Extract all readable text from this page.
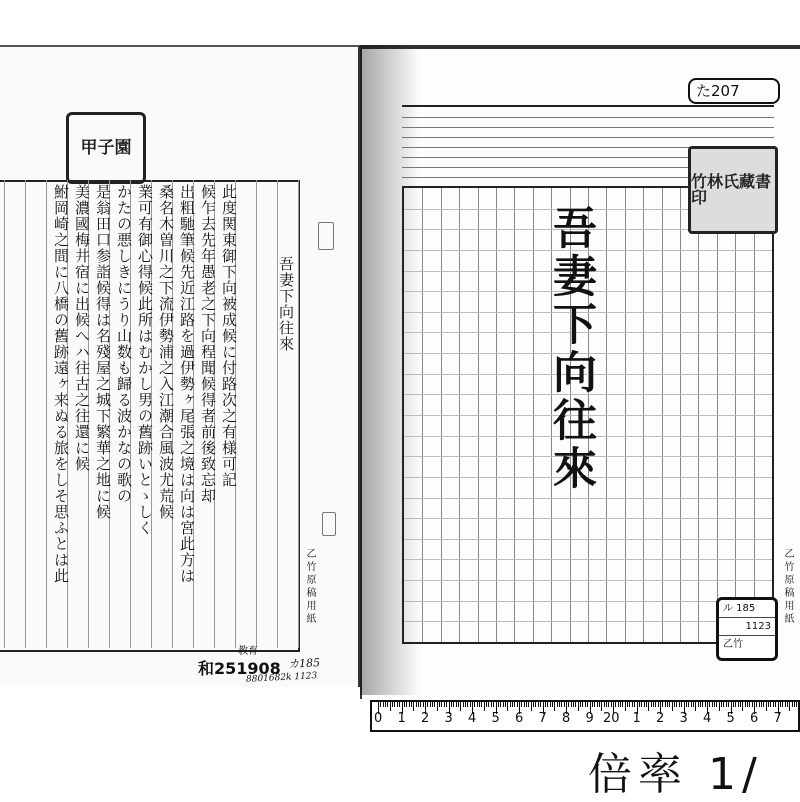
甲子園
吾妻下向往來
此度関東御下向被成候に付路次之有様可記
候乍去先年愚老之下向程聞候得者前後致忘却
出粗馳筆候先近江路を過伊勢ヶ尾張之境は向は宮此方は
桑名木曽川之下流伊勢浦之入江潮合風波尤荒候
業可有御心得候此所はむかし男の舊跡いとゝしく
かたの悪しきにうり山数も歸る波かなの歌の
是翁田口参詣候得は名殘屋之城下繁華之地に候
美濃國梅井宿に出候へハ往古之往還に候
鮒岡崎之間に八橋の舊跡遠ヶ来ぬる旅をしそ思ふとは此
乙竹原稿用紙
和251908
教育
カ185
8801682k 1123
た207
竹林氏藏書印
吾妻下向往來
乙竹原稿用紙
ル 185
1123
乙竹
0 1 2 3 4 5 6 7 8 9 20 1 2 3 4 5 6 7
倍率 1/
